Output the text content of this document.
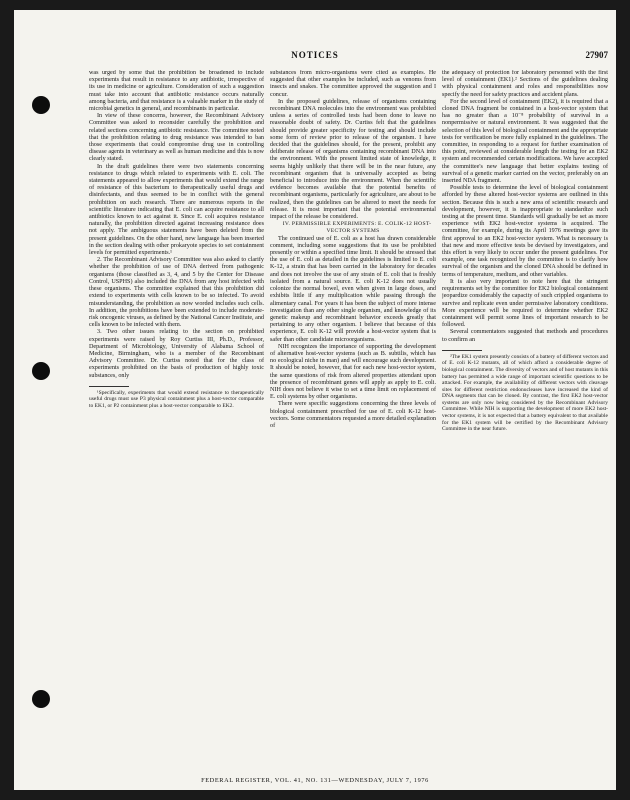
NOTICES	27907

was urged by some that the prohibition be broadened to include experiments that result in resistance to any antibiotic, irrespective of its use in medicine or agriculture. Consideration of such a suggestion must take into account that antibiotic resistance occurs naturally among bacteria, and that resistance is a valuable marker in the study of microbial genetics in general, and recombinants in particular.

In view of these concerns, however, the Recombinant Advisory Committee was asked to reconsider carefully the prohibition and related sections concerning antibiotic resistance. The committee noted that the prohibition relating to drug resistance was intended to ban those experiments that could compromise drug use in controlling disease agents in veterinary as well as human medicine and this is now clearly stated.

In the draft guidelines there were two statements concerning resistance to drugs which related to experiments with E. coli. The statements appeared to allow experiments that would extend the range of resistance of this bacterium to therapeutically useful drugs and disinfectants, and thus seemed to be in conflict with the general prohibition on such research. There are numerous reports in the scientific literature indicating that E. coli can acquire resistance to all antibiotics known to act against it. Since E. coli acquires resistance naturally, the prohibition directed against increasing resistance does not apply. The ambiguous statements have been deleted from the present guidelines. On the other hand, new language has been inserted in the section dealing with other prokaryote species to set containment levels for permitted experiments.¹

2. The Recombinant Advisory Committee was also asked to clarify whether the prohibition of use of DNA derived from pathogenic organisms (those classified as 3, 4, and 5 by the Center for Disease Control, USPHS) also included the DNA from any host infected with these organisms. The committee explained that this prohibition did extend to experiments with cells known to be so infected. To avoid misunderstanding, the prohibition as now worded includes such cells. In addition, the prohibitions have been extended to include moderate-risk oncogenic viruses, as defined by the National Cancer Institute, and cells known to be infected with them.

3. Two other issues relating to the section on prohibited experiments were raised by Roy Curtiss III, Ph.D., Professor, Department of Microbiology, University of Alabama School of Medicine, Birmingham, who is a member of the Recombinant Advisory Committee. Dr. Curtiss noted that for the class of experiments prohibited on the basis of production of highly toxic substances, only

¹Specifically, experiments that would extend resistance to therapeutically useful drugs must use P3 physical containment plus a host-vector comparable to EK1, or P2 containment plus a host-vector comparable to EK2.

substances from micro-organisms were cited as examples. He suggested that other examples be included, such as venoms from insects and snakes. The committee approved the suggestion and I concur.

In the proposed guidelines, release of organisms containing recombinant DNA molecules into the environment was prohibited unless a series of controlled tests had been done to leave no reasonable doubt of safety. Dr. Curtiss felt that the guidelines should provide greater specificity for testing and should include some form of review prior to release of the organism. I have decided that the guidelines should, for the present, prohibit any deliberate release of organisms containing recombinant DNA into the environment. With the present limited state of knowledge, it seems highly unlikely that there will be in the near future, any recombinant organism that is universally accepted as being beneficial to introduce into the environment. When the scientific evidence becomes available that the potential benefits of recombinant organisms, particularly for agriculture, are about to be realized, then the guidelines can be altered to meet the needs for release. It is most important that the potential environmental impact of the release be considered.

IV. PERMISSIBLE EXPERIMENTS: E. COLIK-12 HOST-VECTOR SYSTEMS

The continued use of E. coli as a host has drawn considerable comment, including some suggestions that its use be prohibited presently or within a specified time limit. It should be stressed that the use of E. coli as detailed in the guidelines is limited to E. coli K-12, a strain that has been carried in the laboratory for decades and does not involve the use of any strain of E. coli that is freshly isolated from a natural source. E. coli K-12 does not usually colonize the normal bowel, even when given in large doses, and exhibits little if any multiplication while passing through the alimentary canal. For years it has been the subject of more intense investigation than any other single organism, and knowledge of its genetic makeup and recombinant behavior exceeds greatly that pertaining to any other organism. I believe that because of this experience, E. coli K-12 will provide a host-vector system that is safer than other candidate microorganisms.

NIH recognizes the importance of supporting the development of alternative host-vector systems (such as B. subtilis, which has no ecological niche in man) and will encourage such development. It should be noted, however, that for each new host-vector system, the same questions of risk from altered properties attendant upon the presence of recombinant genes will apply as apply to E. coli. NIH does not believe it wise to set a time limit on replacement of E. coli systems by other organisms.

There were specific suggestions concerning the three levels of biological containment prescribed for use of E. coli K-12 host-vectors. Some commentators requested a more detailed explanation of

the adequacy of protection for laboratory personnel with the first level of containment (EK1).² Sections of the guidelines dealing with physical containment and roles and responsibilities now specify the need for safety practices and accident plans.

For the second level of containment (EK2), it is required that a cloned DNA fragment be contained in a host-vector system that has no greater than a 10⁻⁸ probability of survival in a nonpermissive or natural environment. It was suggested that the selection of this level of biological containment and the appropriate tests for verification be more fully explained in the guidelines. The committee, in responding to a request for further examination of this point, reviewed at considerable length the testing for an EK2 system and recommended certain modifications. We have accepted the committee's new language that better explains testing of survival of a genetic marker carried on the vector, preferably on an inserted NDA fragment.

Possible tests to determine the level of biological containment afforded by these altered host-vector systems are outlined in this section. Because this is such a new area of scientific research and development, however, it is inappropriate to standardize such testing at the present time. Standards will gradually be set as more experience with EK2 host-vector systems is acquired. The committee, for example, during its April 1976 meetings gave its first approval to an EK2 host-vector system. What is necessary is that new and more effective tests be devised by investigators, and this effort is very likely to occur under the present guidelines. For example, one task recognized by the committee is to clarify how survival of the organism and the cloned DNA should be defined in terms of temperature, medium, and other variables.

It is also very important to note here that the stringent requirements set by the committee for EK2 biological containment jeopardize considerably the capacity of such crippled organisms to survive and replicate even under permissive laboratory conditions. More experience will be required to determine whether EK2 containment will permit some lines of important research to be followed.

Several commentators suggested that methods and procedures to confirm an

²The EK1 system presently consists of a battery of different vectors and of E. coli K-12 mutants, all of which afford a considerable degree of biological containment. The diversity of vectors and of host mutants in this battery has permitted a wide range of important scientific questions to be attacked. For example, the availability of different vectors with cleavage sites for different restriction endonucleases have increased the kind of DNA segments that can be cloned. By contrast, the first EK2 host-vector systems are only now being considered by the Recombinant Advisory Committee. While NIH is supporting the development of more EK2 host-vector systems, it is not expected that a battery equivalent to that available for the EK1 system will be certified by the Recombinant Advisory Committee in the near future.

FEDERAL REGISTER, VOL. 41, NO. 131—WEDNESDAY, JULY 7, 1976
